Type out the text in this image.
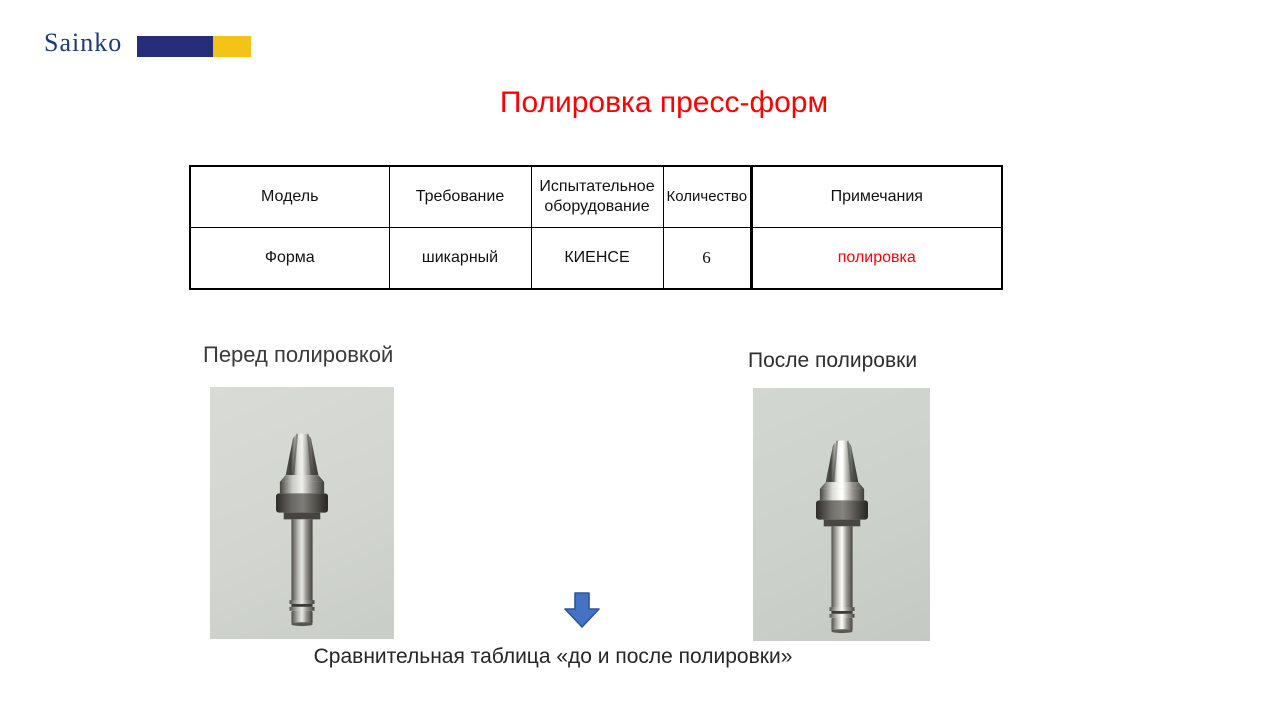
Sainko
Полировка пресс-форм
Модель	Требование	Испытательное оборудование	Количество	Примечания
Форма	шикарный	КИЕНСЕ	6	полировка
Перед полировкой	После полировки
Сравнительная таблица «до и после полировки»
